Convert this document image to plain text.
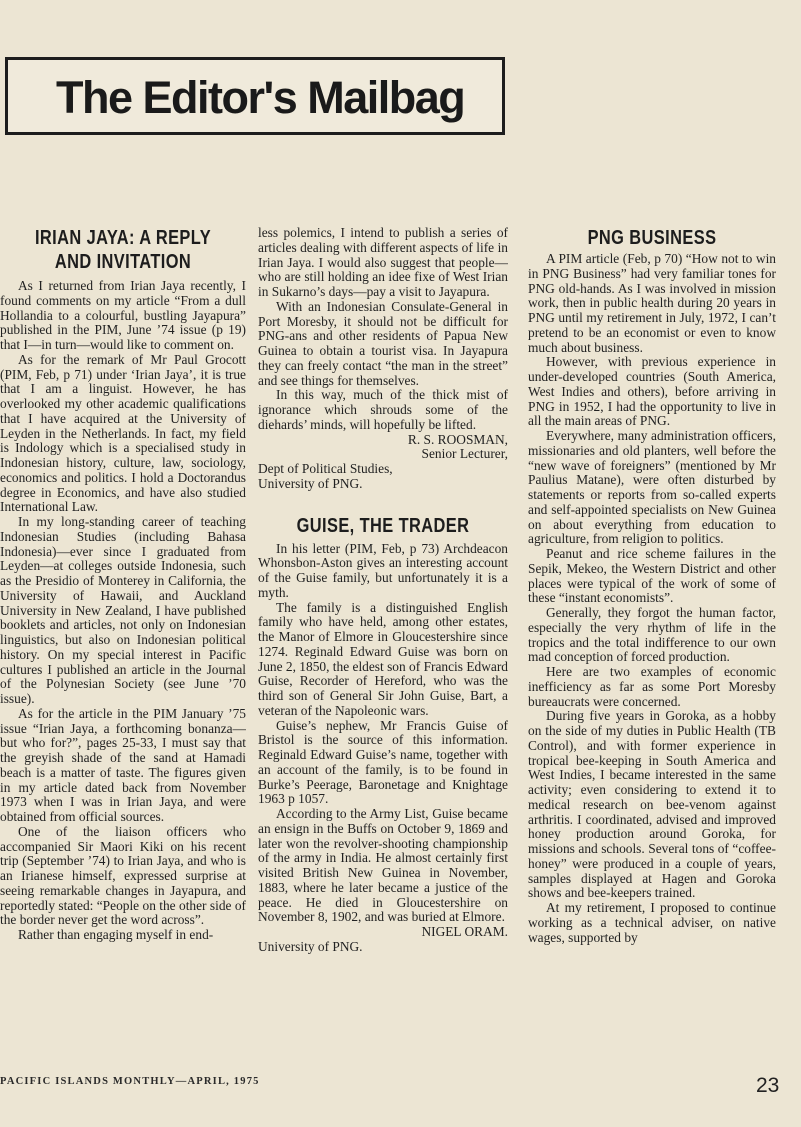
The Editor's Mailbag
IRIAN JAYA: A REPLY
AND INVITATION

As I returned from Irian Jaya recently, I found comments on my article “From a dull Hollandia to a colourful, bustling Jayapura” published in the PIM, June ’74 issue (p 19) that I—in turn—would like to comment on.

As for the remark of Mr Paul Grocott (PIM, Feb, p 71) under ‘Irian Jaya’, it is true that I am a linguist. However, he has overlooked my other academic qualifications that I have acquired at the University of Leyden in the Netherlands. In fact, my field is Indology which is a specialised study in Indonesian history, culture, law, sociology, economics and politics. I hold a Doctorandus degree in Economics, and have also studied International Law.

In my long-standing career of teaching Indonesian Studies (including Bahasa Indonesia)—ever since I graduated from Leyden—at colleges outside Indonesia, such as the Presidio of Monterey in California, the University of Hawaii, and Auckland University in New Zealand, I have published booklets and articles, not only on Indonesian linguistics, but also on Indonesian political history. On my special interest in Pacific cultures I published an article in the Journal of the Polynesian Society (see June ’70 issue).

As for the article in the PIM January ’75 issue “Irian Jaya, a forthcoming bonanza—but who for?”, pages 25-33, I must say that the greyish shade of the sand at Hamadi beach is a matter of taste. The figures given in my article dated back from November 1973 when I was in Irian Jaya, and were obtained from official sources.

One of the liaison officers who accompanied Sir Maori Kiki on his recent trip (September ’74) to Irian Jaya, and who is an Irianese himself, expressed surprise at seeing remarkable changes in Jayapura, and reportedly stated: “People on the other side of the border never get the word across”.

Rather than engaging myself in end-

less polemics, I intend to publish a series of articles dealing with different aspects of life in Irian Jaya. I would also suggest that people—who are still holding an idee fixe of West Irian in Sukarno’s days—pay a visit to Jayapura.

With an Indonesian Consulate-General in Port Moresby, it should not be difficult for PNG-ans and other residents of Papua New Guinea to obtain a tourist visa. In Jayapura they can freely contact “the man in the street” and see things for themselves.

In this way, much of the thick mist of ignorance which shrouds some of the diehards’ minds, will hopefully be lifted.

R. S. ROOSMAN,

Senior Lecturer,

Dept of Political Studies,

University of PNG.

GUISE, THE TRADER

In his letter (PIM, Feb, p 73) Archdeacon Whonsbon-Aston gives an interesting account of the Guise family, but unfortunately it is a myth.

The family is a distinguished English family who have held, among other estates, the Manor of Elmore in Gloucestershire since 1274. Reginald Edward Guise was born on June 2, 1850, the eldest son of Francis Edward Guise, Recorder of Hereford, who was the third son of General Sir John Guise, Bart, a veteran of the Napoleonic wars.

Guise’s nephew, Mr Francis Guise of Bristol is the source of this information. Reginald Edward Guise’s name, together with an account of the family, is to be found in Burke’s Peerage, Baronetage and Knightage 1963 p 1057.

According to the Army List, Guise became an ensign in the Buffs on October 9, 1869 and later won the revolver-shooting championship of the army in India. He almost certainly first visited British New Guinea in November, 1883, where he later became a justice of the peace. He died in Gloucestershire on November 8, 1902, and was buried at Elmore.

NIGEL ORAM.

University of PNG.

PNG BUSINESS

A PIM article (Feb, p 70) “How not to win in PNG Business” had very familiar tones for PNG old-hands. As I was involved in mission work, then in public health during 20 years in PNG until my retirement in July, 1972, I can’t pretend to be an economist or even to know much about business.

However, with previous experience in under-developed countries (South America, West Indies and others), before arriving in PNG in 1952, I had the opportunity to live in all the main areas of PNG.

Everywhere, many administration officers, missionaries and old planters, well before the “new wave of foreigners” (mentioned by Mr Paulius Matane), were often disturbed by statements or reports from so-called experts and self-appointed specialists on New Guinea on about everything from education to agriculture, from religion to politics.

Peanut and rice scheme failures in the Sepik, Mekeo, the Western District and other places were typical of the work of some of these “instant economists”.

Generally, they forgot the human factor, especially the very rhythm of life in the tropics and the total indifference to our own mad conception of forced production.

Here are two examples of economic inefficiency as far as some Port Moresby bureaucrats were concerned.

During five years in Goroka, as a hobby on the side of my duties in Public Health (TB Control), and with former experience in tropical bee-keeping in South America and West Indies, I became interested in the same activity; even considering to extend it to medical research on bee-venom against arthritis. I coordinated, advised and improved honey production around Goroka, for missions and schools. Several tons of “coffee-honey” were produced in a couple of years, samples displayed at Hagen and Goroka shows and bee-keepers trained.

At my retirement, I proposed to continue working as a technical adviser, on native wages, supported by

PACIFIC ISLANDS MONTHLY—APRIL, 1975	23
